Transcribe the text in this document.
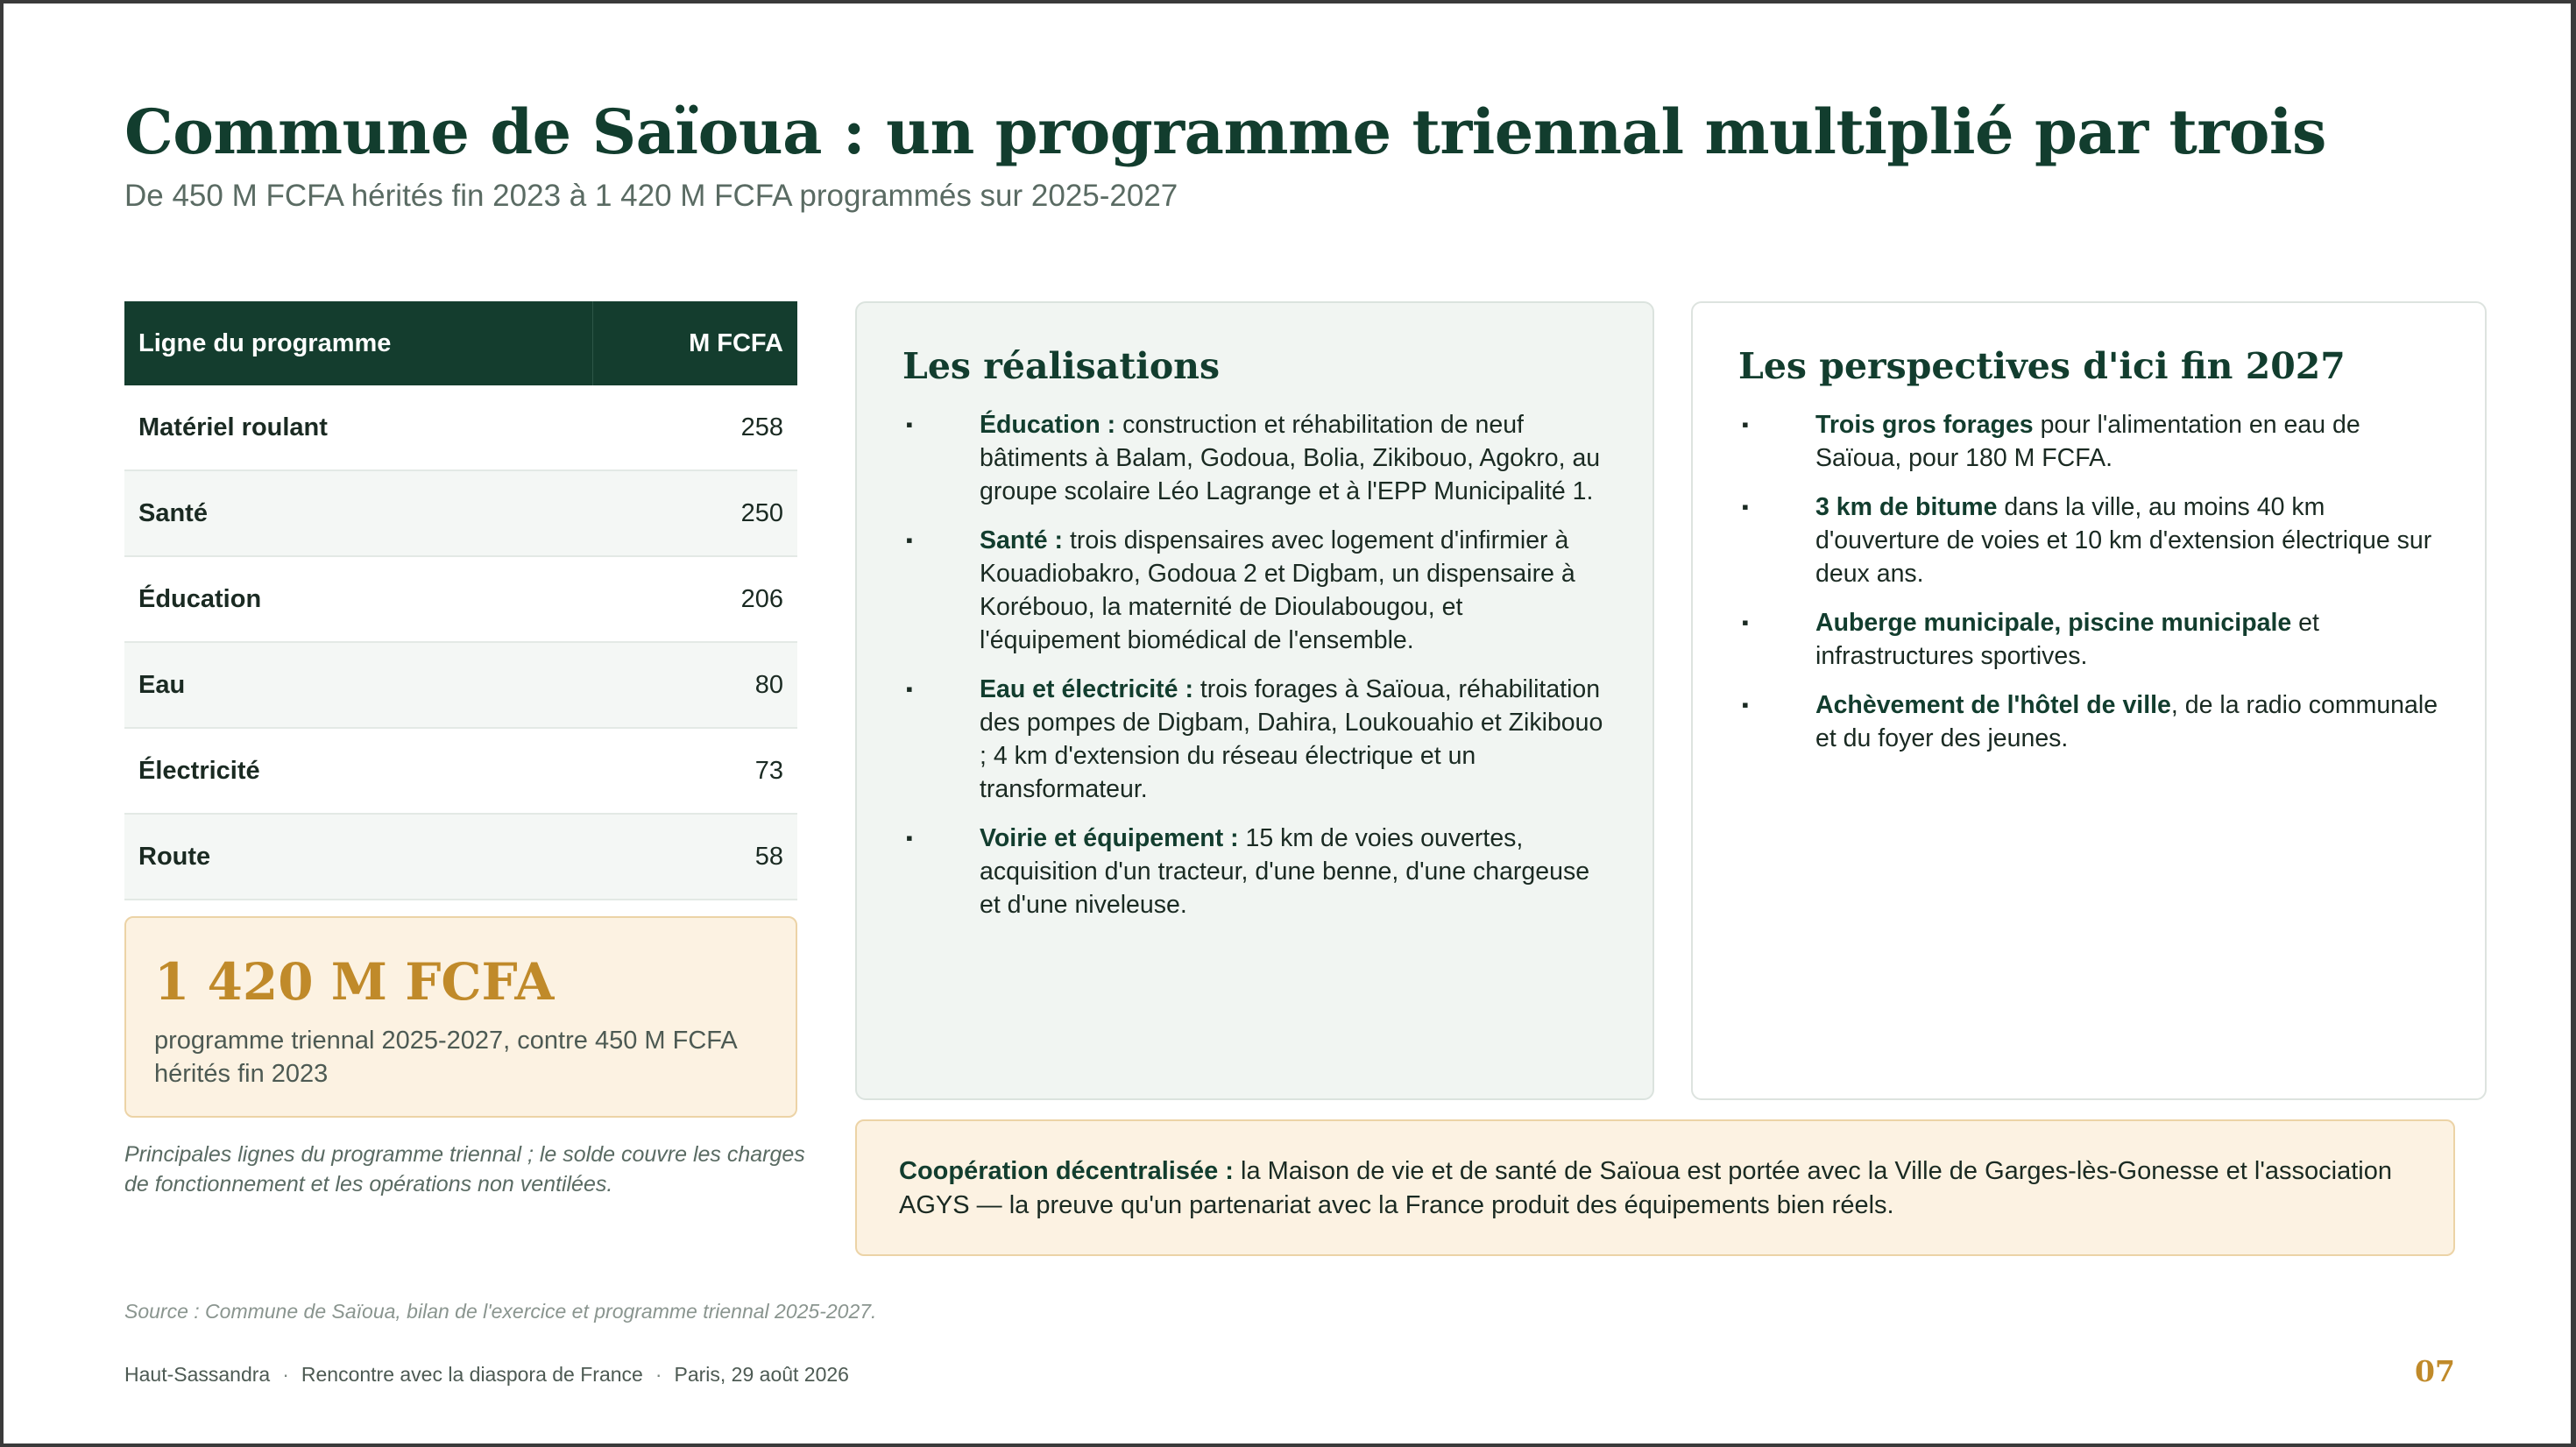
Commune de Saïoua : un programme triennal multiplié par trois

De 450 M FCFA hérités fin 2023 à 1 420 M FCFA programmés sur 2025-2027

Ligne du programme	M FCFA
Matériel roulant	258
Santé	250
Éducation	206
Eau	80
Électricité	73
Route	58
1 420 M FCFA
programme triennal 2025-2027, contre 450 M FCFA hérités fin 2023
Principales lignes du programme triennal ; le solde couvre les charges de fonctionnement et les opérations non ventilées.
Les réalisations
▪	Éducation : construction et réhabilitation de neuf bâtiments à Balam, Godoua, Bolia, Zikibouo, Agokro, au groupe scolaire Léo Lagrange et à l'EPP Municipalité 1.
▪	Santé : trois dispensaires avec logement d'infirmier à Kouadiobakro, Godoua 2 et Digbam, un dispensaire à Korébouo, la maternité de Dioulabougou, et l'équipement biomédical de l'ensemble.
▪	Eau et électricité : trois forages à Saïoua, réhabilitation des pompes de Digbam, Dahira, Loukouahio et Zikibouo ; 4 km d'extension du réseau électrique et un transformateur.
▪	Voirie et équipement : 15 km de voies ouvertes, acquisition d'un tracteur, d'une benne, d'une chargeuse et d'une niveleuse.
Les perspectives d'ici fin 2027
▪	Trois gros forages pour l'alimentation en eau de Saïoua, pour 180 M FCFA.
▪	3 km de bitume dans la ville, au moins 40 km d'ouverture de voies et 10 km d'extension électrique sur deux ans.
▪	Auberge municipale, piscine municipale et infrastructures sportives.
▪	Achèvement de l'hôtel de ville, de la radio communale et du foyer des jeunes.
Coopération décentralisée : la Maison de vie et de santé de Saïoua est portée avec la Ville de Garges-lès-Gonesse et l'association AGYS — la preuve qu'un partenariat avec la France produit des équipements bien réels.
Source : Commune de Saïoua, bilan de l'exercice et programme triennal 2025-2027.
Haut-Sassandra · Rencontre avec la diaspora de France · Paris, 29 août 2026	07
